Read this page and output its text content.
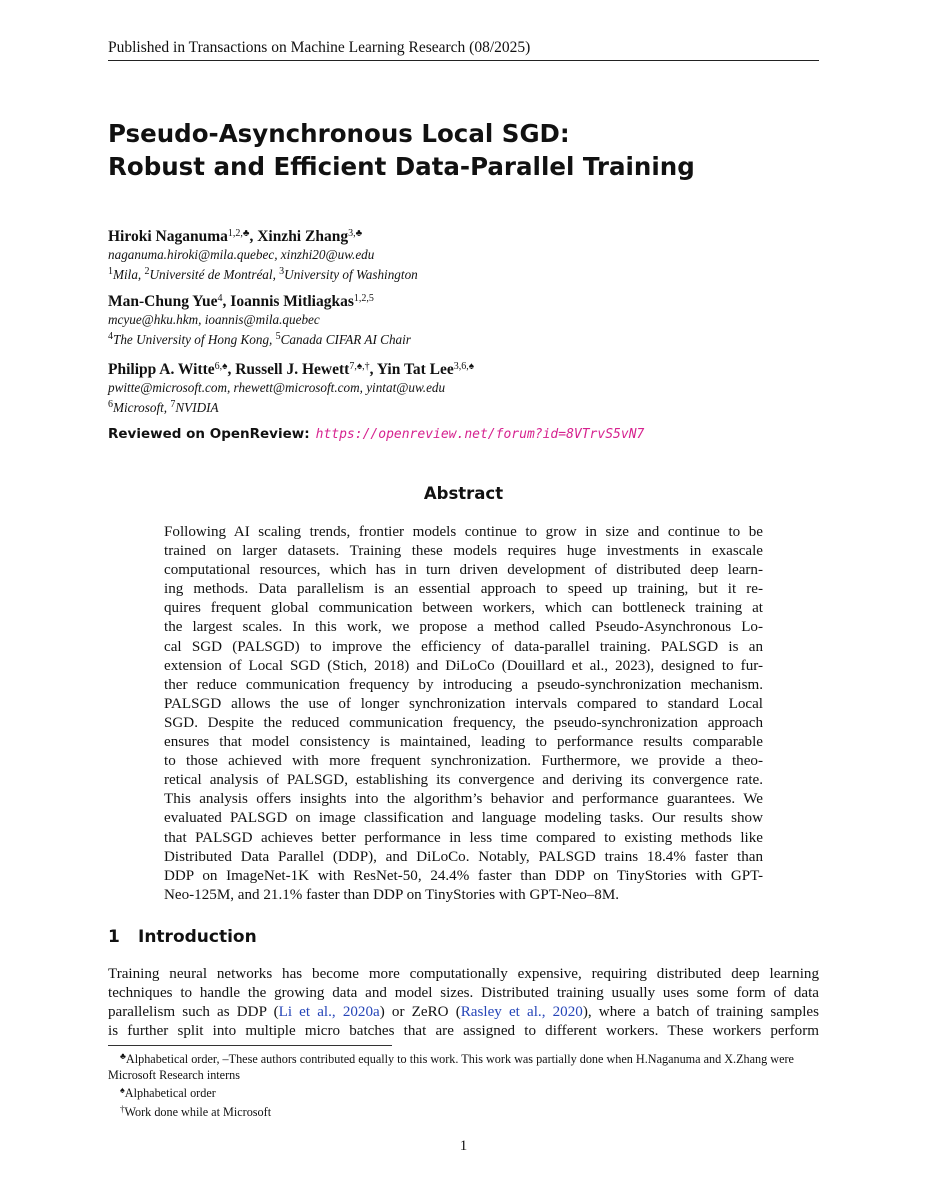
Published in Transactions on Machine Learning Research (08/2025)
Pseudo-Asynchronous Local SGD:
Robust and Efficient Data-Parallel Training
Hiroki Naganuma$^{1,2,♣}$, Xinzhi Zhang$^{3,♣}$
naganuma.hiroki@mila.quebec, xinzhi20@uw.edu
$^1$Mila, $^2$Université de Montréal, $^3$University of Washington
Man-Chung Yue$^4$, Ioannis Mitliagkas$^{1,2,5}$
mcyue@hku.hkm, ioannis@mila.quebec
$^4$The University of Hong Kong, $^5$Canada CIFAR AI Chair
Philipp A. Witte$^{6,♠}$, Russell J. Hewett$^{7,♠,\dagger}$, Yin Tat Lee$^{3,6,♠}$
pwitte@microsoft.com, rhewett@microsoft.com, yintat@uw.edu
$^6$Microsoft, $^7$NVIDIA
Reviewed on OpenReview: https://openreview.net/forum?id=8VTrvS5vN7
Abstract
Following AI scaling trends, frontier models continue to grow in size and continue to be
trained on larger datasets. Training these models requires huge investments in exascale
computational resources, which has in turn driven development of distributed deep learn-
ing methods. Data parallelism is an essential approach to speed up training, but it re-
quires frequent global communication between workers, which can bottleneck training at
the largest scales. In this work, we propose a method called Pseudo-Asynchronous Lo-
cal SGD (PALSGD) to improve the efficiency of data-parallel training. PALSGD is an
extension of Local SGD (Stich, 2018) and DiLoCo (Douillard et al., 2023), designed to fur-
ther reduce communication frequency by introducing a pseudo-synchronization mechanism.
PALSGD allows the use of longer synchronization intervals compared to standard Local
SGD. Despite the reduced communication frequency, the pseudo-synchronization approach
ensures that model consistency is maintained, leading to performance results comparable
to those achieved with more frequent synchronization. Furthermore, we provide a theo-
retical analysis of PALSGD, establishing its convergence and deriving its convergence rate.
This analysis offers insights into the algorithm’s behavior and performance guarantees. We
evaluated PALSGD on image classification and language modeling tasks. Our results show
that PALSGD achieves better performance in less time compared to existing methods like
Distributed Data Parallel (DDP), and DiLoCo. Notably, PALSGD trains 18.4% faster than
DDP on ImageNet-1K with ResNet-50, 24.4% faster than DDP on TinyStories with GPT-
Neo-125M, and 21.1% faster than DDP on TinyStories with GPT-Neo–8M.
1 Introduction
Training neural networks has become more computationally expensive, requiring distributed deep learning
techniques to handle the growing data and model sizes. Distributed training usually uses some form of data
parallelism such as DDP (Li et al., 2020a) or ZeRO (Rasley et al., 2020), where a batch of training samples
is further split into multiple micro batches that are assigned to different workers. These workers perform
♣Alphabetical order, –These authors contributed equally to this work. This work was partially done when H.Naganuma and X.Zhang were Microsoft Research interns
♠Alphabetical order
†Work done while at Microsoft
1
